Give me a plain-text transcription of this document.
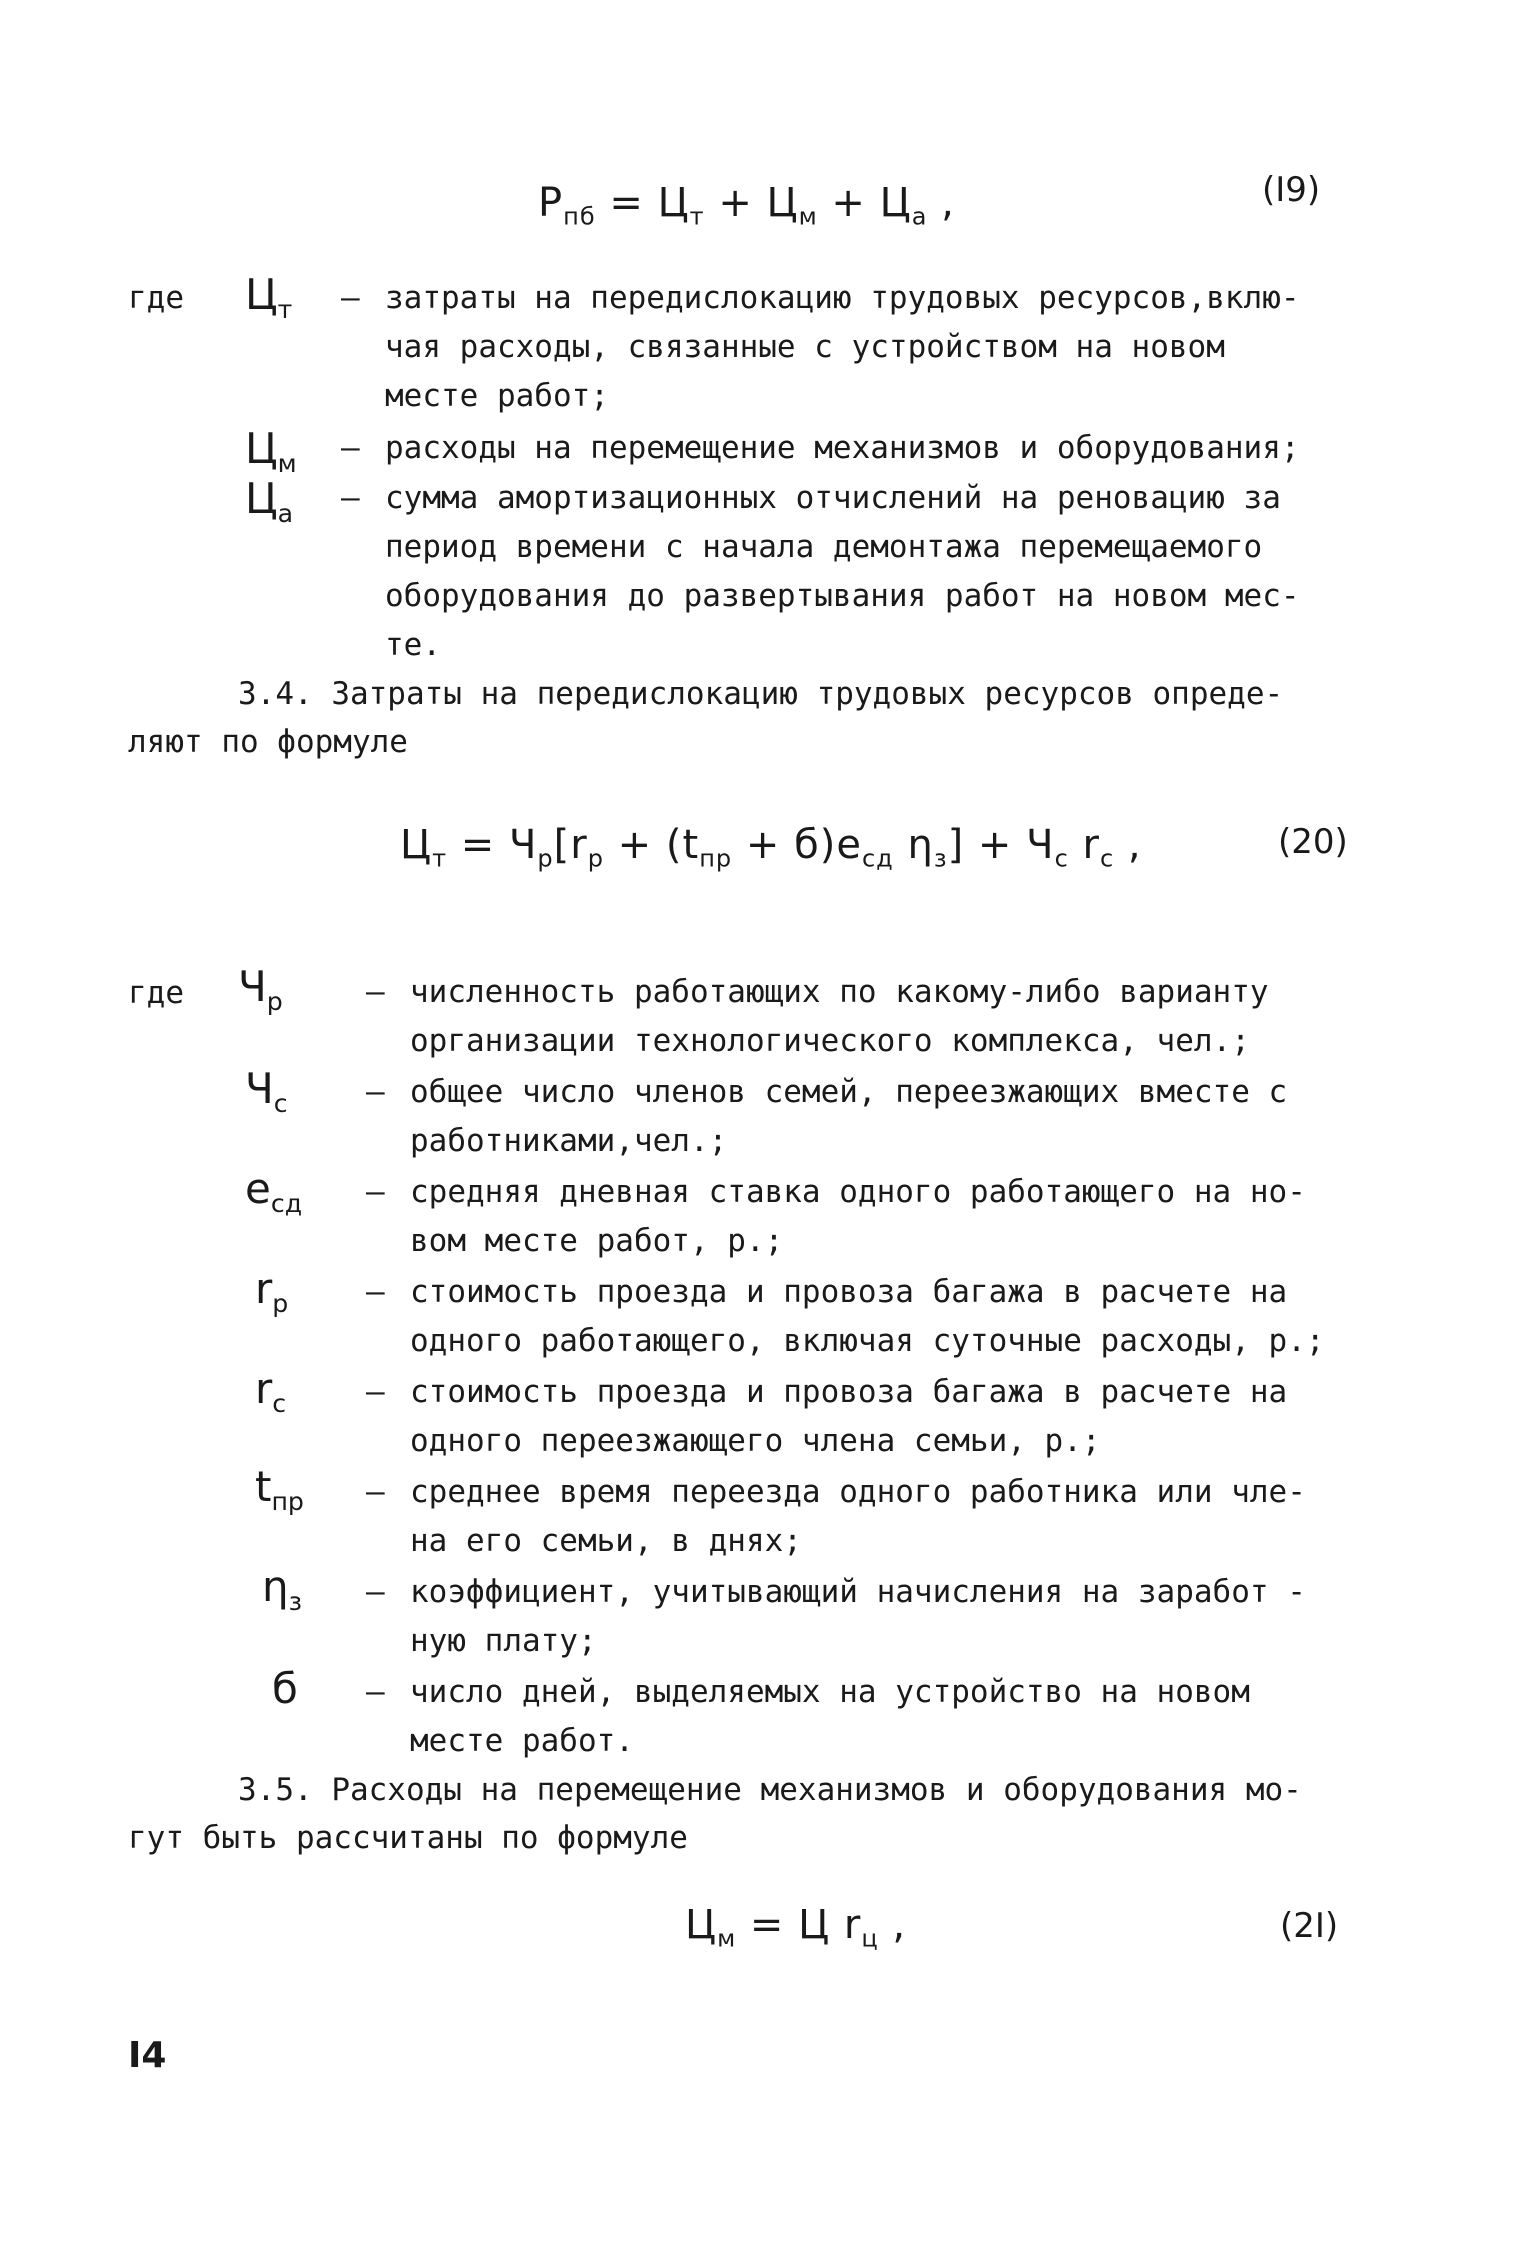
$Р_{пб} = Ц_т + Ц_м + Ц_а$ ,	(I9)
где $Ц_т$ – затраты на передислокацию трудовых ресурсов,вклю-
чая расходы, связанные с устройством на новом
месте работ;
$Ц_м$ – расходы на перемещение механизмов и оборудования;
$Ц_а$ – сумма амортизационных отчислений на реновацию за
период времени с начала демонтажа перемещаемого
оборудования до развертывания работ на новом мес-
те.
3.4. Затраты на передислокацию трудовых ресурсов опреде-
ляют по формуле
$Ц_т = Ч_р[r_р + (t_{пр} + б)e_{сд}$ $\eta_з] + Ч_с$ $r_с$ ,	(20)
где $Ч_р$	– численность работающих по какому-либо варианту
организации технологического комплекса, чел.;
$Ч_с$	– общее число членов семей, переезжающих вместе с
работниками,чел.;
$e_{сд}$ – средняя дневная ставка одного работающего на но-
вом месте работ, р.;
$r_р$	– стоимость проезда и провоза багажа в расчете на
одного работающего, включая суточные расходы, р.;
$r_с$	– стоимость проезда и провоза багажа в расчете на
одного переезжающего члена семьи, р.;
$t_{пр}$ – среднее время переезда одного работника или чле-
на его семьи, в днях;
$\eta_з$ – коэффициент, учитывающий начисления на заработ -
ную плату;
б – число дней, выделяемых на устройство на новом
месте работ.
3.5. Расходы на перемещение механизмов и оборудования мо-
гут быть рассчитаны по формуле
$Ц_м = Ц$ $r_ц$ ,	(2I)
I4
